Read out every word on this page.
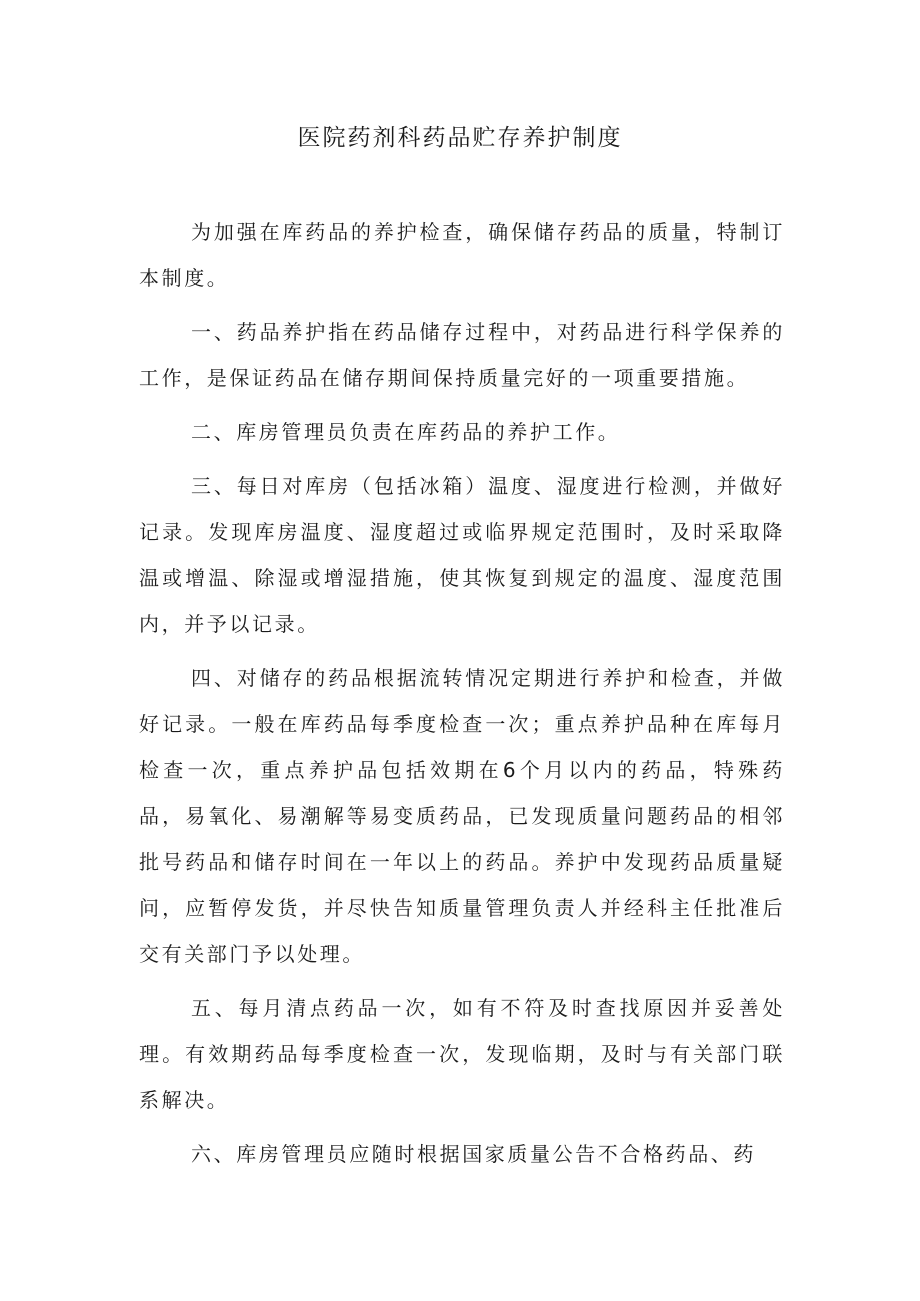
医院药剂科药品贮存养护制度

为加强在库药品的养护检查，确保储存药品的质量，特制订本制度。

一、药品养护指在药品储存过程中，对药品进行科学保养的工作，是保证药品在储存期间保持质量完好的一项重要措施。

二、库房管理员负责在库药品的养护工作。

三、每日对库房（包括冰箱）温度、湿度进行检测，并做好记录。发现库房温度、湿度超过或临界规定范围时，及时采取降温或增温、除湿或增湿措施，使其恢复到规定的温度、湿度范围内，并予以记录。

四、对储存的药品根据流转情况定期进行养护和检查，并做好记录。一般在库药品每季度检查一次；重点养护品种在库每月检查一次，重点养护品包括效期在6个月以内的药品，特殊药品，易氧化、易潮解等易变质药品，已发现质量问题药品的相邻批号药品和储存时间在一年以上的药品。养护中发现药品质量疑问，应暂停发货，并尽快告知质量管理负责人并经科主任批准后交有关部门予以处理。

五、每月清点药品一次，如有不符及时查找原因并妥善处理。有效期药品每季度检查一次，发现临期，及时与有关部门联系解决。

六、库房管理员应随时根据国家质量公告不合格药品、药
